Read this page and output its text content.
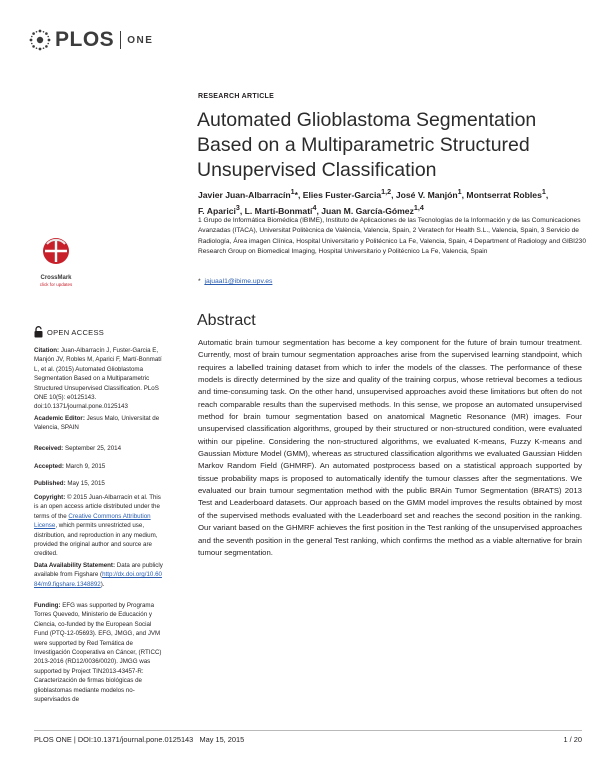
PLOS ONE
RESEARCH ARTICLE
Automated Glioblastoma Segmentation Based on a Multiparametric Structured Unsupervised Classification
Javier Juan-Albarracín$^1$*, Elies Fuster-Garcia$^{1,2}$, José V. Manjón$^1$, Montserrat Robles$^1$,
F. Aparici$^3$, L. Martí-Bonmatí$^4$, Juan M. García-Gómez$^{1,4}$
1 Grupo de Informática Biomédica (IBIME), Instituto de Aplicaciones de las Tecnologías de la Información y de las Comunicaciones Avanzadas (ITACA), Universitat Politècnica de València, Valencia, Spain, 2 Veratech for Health S.L., Valencia, Spain, 3 Servicio de Radiología, Área imagen Clínica, Hospital Universitario y Politécnico La Fe, Valencia, Spain, 4 Department of Radiology and GIBI230 Research Group on Biomedical Imaging, Hospital Universitario y Politécnico La Fe, Valencia, Spain
* jajuaal1@ibime.upv.es
Abstract
Automatic brain tumour segmentation has become a key component for the future of brain tumour treatment. Currently, most of brain tumour segmentation approaches arise from the supervised learning standpoint, which requires a labelled training dataset from which to infer the models of the classes. The performance of these models is directly determined by the size and quality of the training corpus, whose retrieval becomes a tedious and time-consuming task. On the other hand, unsupervised approaches avoid these limitations but often do not reach comparable results than the supervised methods. In this sense, we propose an automated unsupervised method for brain tumour segmentation based on anatomical Magnetic Resonance (MR) images. Four unsupervised classification algorithms, grouped by their structured or non-structured condition, were evaluated within our pipeline. Considering the non-structured algorithms, we evaluated K-means, Fuzzy K-means and Gaussian Mixture Model (GMM), whereas as structured classification algorithms we evaluated Gaussian Hidden Markov Random Field (GHMRF). An automated postprocess based on a statistical approach supported by tissue probability maps is proposed to automatically identify the tumour classes after the segmentations. We evaluated our brain tumour segmentation method with the public BRAin Tumor Segmentation (BRATS) 2013 Test and Leaderboard datasets. Our approach based on the GMM model improves the results obtained by most of the supervised methods evaluated with the Leaderboard set and reaches the second position in the ranking. Our variant based on the GHMRF achieves the first position in the Test ranking of the unsupervised approaches and the seventh position in the general Test ranking, which confirms the method as a viable alternative for brain tumour segmentation.
CrossMark
click for updates
OPEN ACCESS
Citation: Juan-Albarracín J, Fuster-Garcia E, Manjón JV, Robles M, Aparici F, Martí-Bonmatí L, et al. (2015) Automated Glioblastoma Segmentation Based on a Multiparametric Structured Unsupervised Classification. PLoS ONE 10(5): e0125143. doi:10.1371/journal.pone.0125143
Academic Editor: Jesus Malo, Universitat de Valencia, SPAIN
Received: September 25, 2014
Accepted: March 9, 2015
Published: May 15, 2015
Copyright: © 2015 Juan-Albarracín et al. This is an open access article distributed under the terms of the Creative Commons Attribution License, which permits unrestricted use, distribution, and reproduction in any medium, provided the original author and source are credited.
Data Availability Statement: Data are publicly available from Figshare (http://dx.doi.org/10.6084/m9.figshare.1348892).
Funding: EFG was supported by Programa Torres Quevedo, Ministerio de Educación y Ciencia, co-funded by the European Social Fund (PTQ-12-05693). EFG, JMGG, and JVM were supported by Red Temática de Investigación Cooperativa en Cáncer, (RTICC) 2013-2016 (RD12/0036/0020). JMGG was supported by Project TIN2013-43457-R: Caracterización de firmas biológicas de glioblastomas mediante modelos no-supervisados de
PLOS ONE | DOI:10.1371/journal.pone.0125143   May 15, 2015	1 / 20
